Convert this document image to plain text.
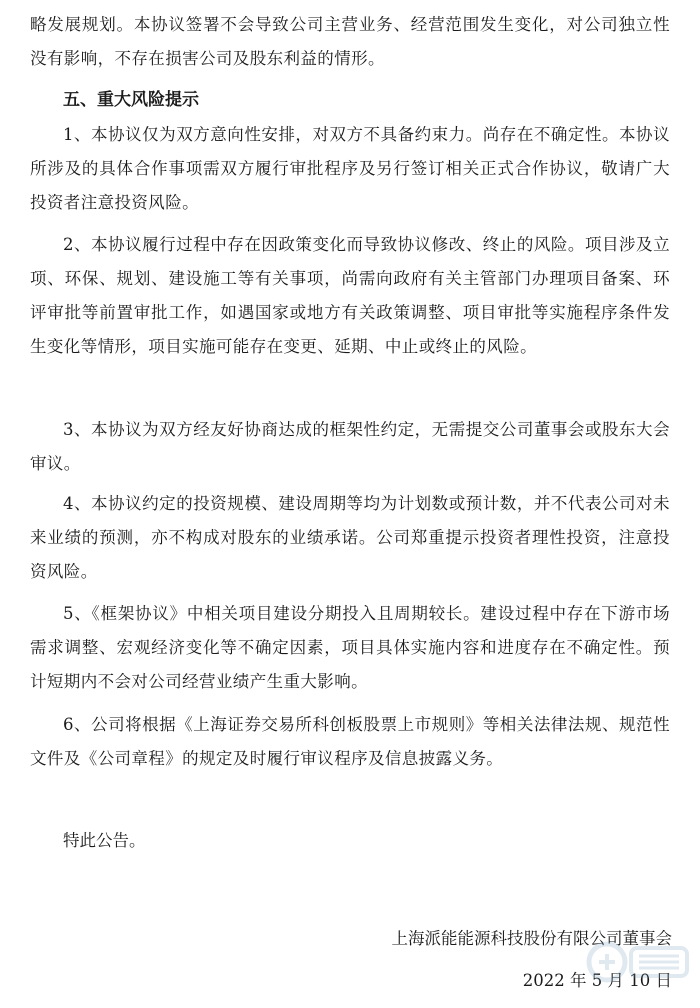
略发展规划。本协议签署不会导致公司主营业务、经营范围发生变化，对公司独立性没有影响，不存在损害公司及股东利益的情形。

五、重大风险提示

1、本协议仅为双方意向性安排，对双方不具备约束力。尚存在不确定性。本协议所涉及的具体合作事项需双方履行审批程序及另行签订相关正式合作协议，敬请广大投资者注意投资风险。

2、本协议履行过程中存在因政策变化而导致协议修改、终止的风险。项目涉及立项、环保、规划、建设施工等有关事项，尚需向政府有关主管部门办理项目备案、环评审批等前置审批工作，如遇国家或地方有关政策调整、项目审批等实施程序条件发生变化等情形，项目实施可能存在变更、延期、中止或终止的风险。

3、本协议为双方经友好协商达成的框架性约定，无需提交公司董事会或股东大会审议。

4、本协议约定的投资规模、建设周期等均为计划数或预计数，并不代表公司对未来业绩的预测，亦不构成对股东的业绩承诺。公司郑重提示投资者理性投资，注意投资风险。

5、《框架协议》中相关项目建设分期投入且周期较长。建设过程中存在下游市场需求调整、宏观经济变化等不确定因素，项目具体实施内容和进度存在不确定性。预计短期内不会对公司经营业绩产生重大影响。

6、公司将根据《上海证券交易所科创板股票上市规则》等相关法律法规、规范性文件及《公司章程》的规定及时履行审议程序及信息披露义务。

特此公告。

上海派能能源科技股份有限公司董事会

2022 年 5 月 10 日
